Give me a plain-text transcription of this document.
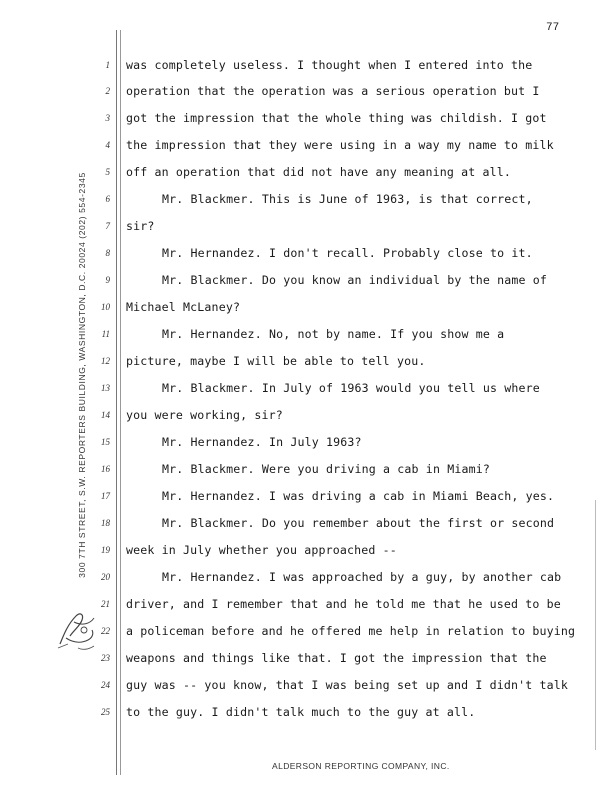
77
300 7TH STREET, S.W. REPORTERS BUILDING, WASHINGTON, D.C. 20024 (202) 554-2345
1
2
3
4
5
6
7
8
9
10
11
12
13
14
15
16
17
18
19
20
21
22
23
24
25
was completely useless. I thought when I entered into the
operation that the operation was a serious operation but I
got the impression that the whole thing was childish. I got
the impression that they were using in a way my name to milk
off an operation that did not have any meaning at all.
Mr. Blackmer. This is June of 1963, is that correct,
sir?
Mr. Hernandez. I don't recall. Probably close to it.
Mr. Blackmer. Do you know an individual by the name of
Michael McLaney?
Mr. Hernandez. No, not by name. If you show me a
picture, maybe I will be able to tell you.
Mr. Blackmer. In July of 1963 would you tell us where
you were working, sir?
Mr. Hernandez. In July 1963?
Mr. Blackmer. Were you driving a cab in Miami?
Mr. Hernandez. I was driving a cab in Miami Beach, yes.
Mr. Blackmer. Do you remember about the first or second
week in July whether you approached --
Mr. Hernandez. I was approached by a guy, by another cab
driver, and I remember that and he told me that he used to be
a policeman before and he offered me help in relation to buying
weapons and things like that. I got the impression that the
guy was -- you know, that I was being set up and I didn't talk
to the guy. I didn't talk much to the guy at all.
ALDERSON REPORTING COMPANY, INC.
